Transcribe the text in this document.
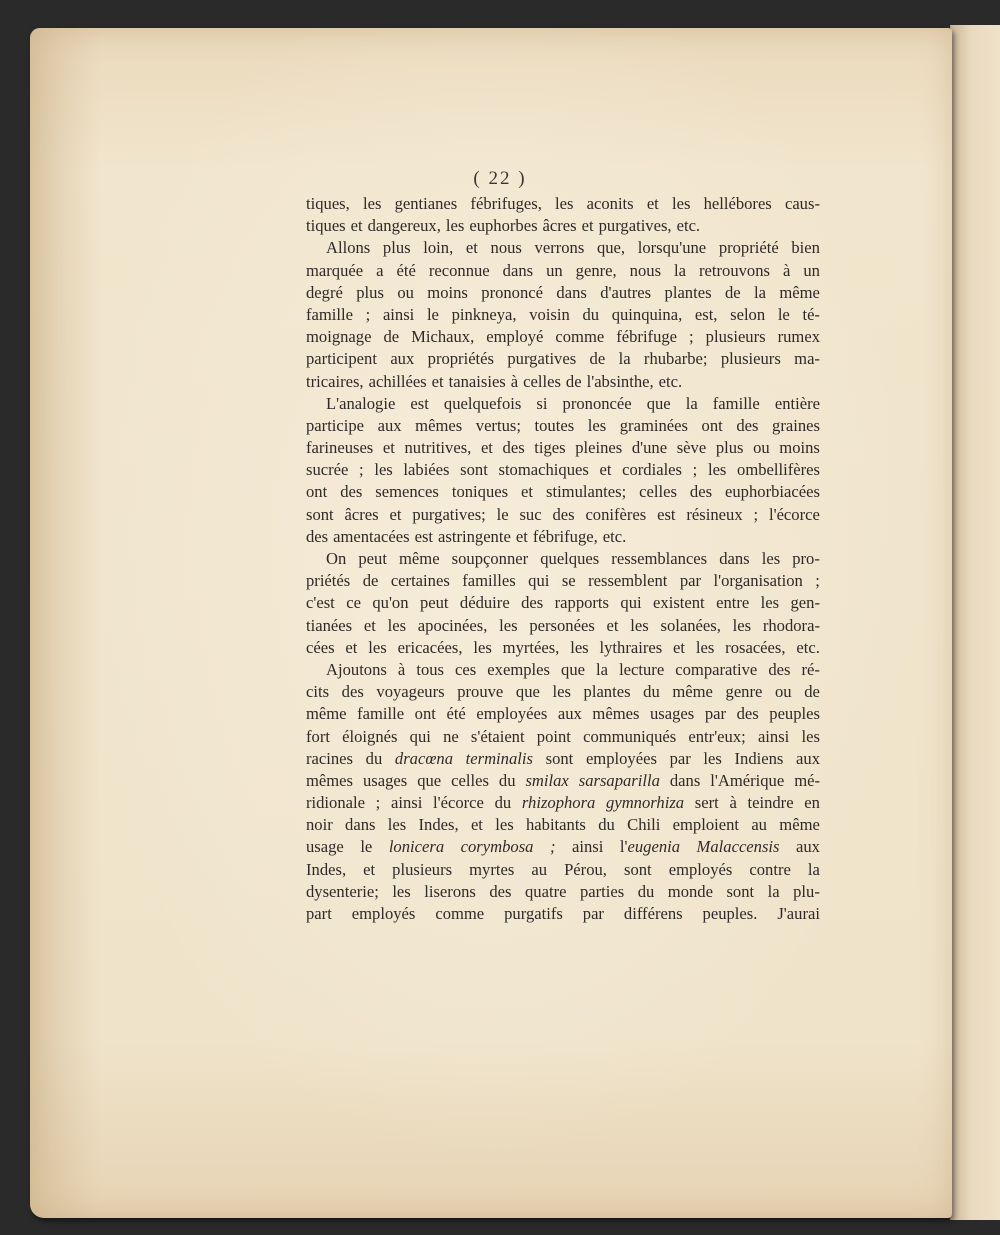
( 22 )
tiques, les gentianes fébrifuges, les aconits et les hellébores caus-
tiques et dangereux, les euphorbes âcres et purgatives, etc.
Allons plus loin, et nous verrons que, lorsqu'une propriété bien
marquée a été reconnue dans un genre, nous la retrouvons à un
degré plus ou moins prononcé dans d'autres plantes de la même
famille ; ainsi le pinkneya, voisin du quinquina, est, selon le té-
moignage de Michaux, employé comme fébrifuge ; plusieurs rumex
participent aux propriétés purgatives de la rhubarbe; plusieurs ma-
tricaires, achillées et tanaisies à celles de l'absinthe, etc.
L'analogie est quelquefois si prononcée que la famille entière
participe aux mêmes vertus; toutes les graminées ont des graines
farineuses et nutritives, et des tiges pleines d'une sève plus ou moins
sucrée ; les labiées sont stomachiques et cordiales ; les ombellifères
ont des semences toniques et stimulantes; celles des euphorbiacées
sont âcres et purgatives; le suc des conifères est résineux ; l'écorce
des amentacées est astringente et fébrifuge, etc.
On peut même soupçonner quelques ressemblances dans les pro-
priétés de certaines familles qui se ressemblent par l'organisation ;
c'est ce qu'on peut déduire des rapports qui existent entre les gen-
tianées et les apocinées, les personées et les solanées, les rhodora-
cées et les ericacées, les myrtées, les lythraires et les rosacées, etc.
Ajoutons à tous ces exemples que la lecture comparative des ré-
cits des voyageurs prouve que les plantes du même genre ou de
même famille ont été employées aux mêmes usages par des peuples
fort éloignés qui ne s'étaient point communiqués entr'eux; ainsi les
racines du dracœna terminalis sont employées par les Indiens aux
mêmes usages que celles du smilax sarsaparilla dans l'Amérique mé-
ridionale ; ainsi l'écorce du rhizophora gymnorhiza sert à teindre en
noir dans les Indes, et les habitants du Chili emploient au même
usage le lonicera corymbosa ; ainsi l'eugenia Malaccensis aux
Indes, et plusieurs myrtes au Pérou, sont employés contre la
dysenterie; les liserons des quatre parties du monde sont la plu-
part employés comme purgatifs par différens peuples. J'aurai
